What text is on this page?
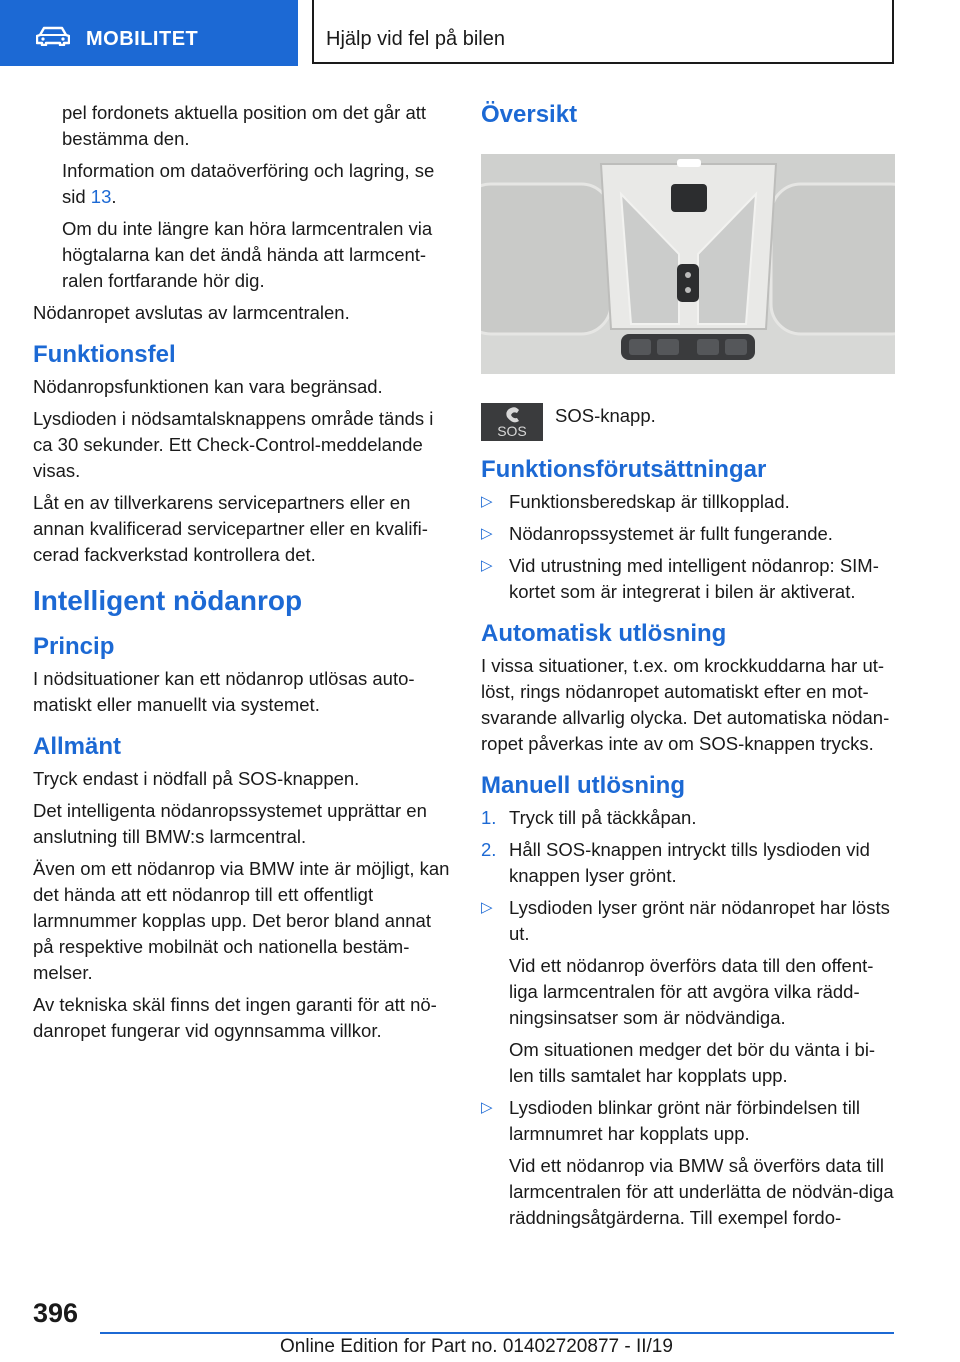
MOBILITET	Hjälp vid fel på bilen

pel fordonets aktuella position om det går att bestämma den.

Information om dataöverföring och lagring, se sid 13.

Om du inte längre kan höra larmcentralen via högtalarna kan det ändå hända att larmcent-ralen fortfarande hör dig.

Nödanropet avslutas av larmcentralen.

Funktionsfel

Nödanropsfunktionen kan vara begränsad.

Lysdioden i nödsamtalsknappens område tänds i ca 30 sekunder. Ett Check-Control-meddelande visas.

Låt en av tillverkarens servicepartners eller en annan kvalificerad servicepartner eller en kvalifi-cerad fackverkstad kontrollera det.

Intelligent nödanrop
Princip

I nödsituationer kan ett nödanrop utlösas auto-matiskt eller manuellt via systemet.

Allmänt

Tryck endast i nödfall på SOS-knappen.

Det intelligenta nödanropssystemet upprättar en anslutning till BMW:s larmcentral.

Även om ett nödanrop via BMW inte är möjligt, kan det hända att ett nödanrop till ett offentligt larmnummer kopplas upp. Det beror bland annat på respektive mobilnät och nationella bestäm-melser.

Av tekniska skäl finns det ingen garanti för att nö-danropet fungerar vid ogynnsamma villkor.

Översikt
SOS
SOS-knapp.
Funktionsförutsättningar
▷ Funktionsberedskap är tillkopplad.
▷ Nödanropssystemet är fullt fungerande.
▷ Vid utrustning med intelligent nödanrop: SIM-kortet som är integrerat i bilen är aktiverat.
Automatisk utlösning

I vissa situationer, t.ex. om krockkuddarna har ut-löst, rings nödanropet automatiskt efter en mot-svarande allvarlig olycka. Det automatiska nödan-ropet påverkas inte av om SOS-knappen trycks.

Manuell utlösning
1. Tryck till på täckkåpan.
2. Håll SOS-knappen intryckt tills lysdioden vid knappen lyser grönt.
▷ Lysdioden lyser grönt när nödanropet har lösts ut.

Vid ett nödanrop överförs data till den offent-liga larmcentralen för att avgöra vilka rädd-ningsinsatser som är nödvändiga.

Om situationen medger det bör du vänta i bi-len tills samtalet har kopplats upp.

▷ Lysdioden blinkar grönt när förbindelsen till larmnumret har kopplats upp.

Vid ett nödanrop via BMW så överförs data till larmcentralen för att underlätta de nödvän-diga räddningsåtgärderna. Till exempel fordo-

396
Online Edition for Part no. 01402720877 - II/19
